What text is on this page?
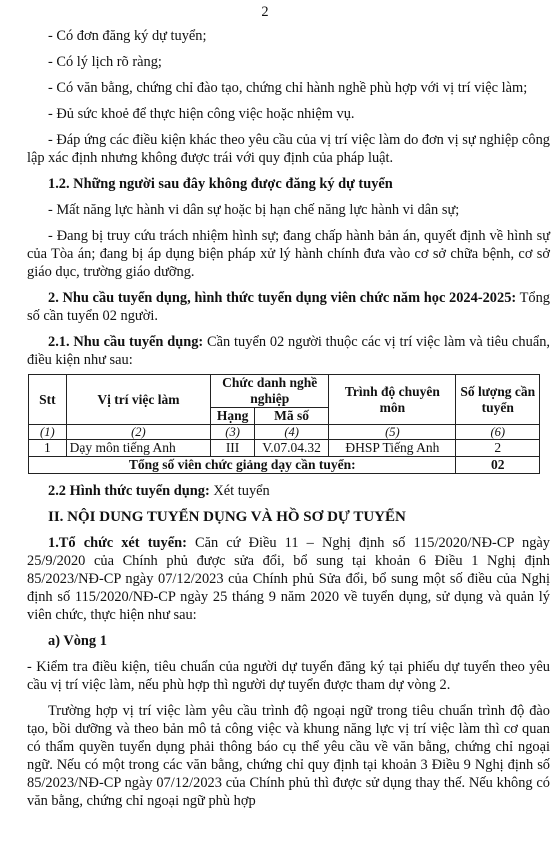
2

- Có đơn đăng ký dự tuyển;

- Có lý lịch rõ ràng;

- Có văn bằng, chứng chỉ đào tạo, chứng chỉ hành nghề phù hợp với vị trí việc làm;

- Đủ sức khoẻ để thực hiện công việc hoặc nhiệm vụ.

- Đáp ứng các điều kiện khác theo yêu cầu của vị trí việc làm do đơn vị sự nghiệp công lập xác định nhưng không được trái với quy định của pháp luật.

1.2. Những người sau đây không được đăng ký dự tuyển

- Mất năng lực hành vi dân sự hoặc bị hạn chế năng lực hành vi dân sự;

- Đang bị truy cứu trách nhiệm hình sự; đang chấp hành bản án, quyết định về hình sự của Tòa án; đang bị áp dụng biện pháp xử lý hành chính đưa vào cơ sở chữa bệnh, cơ sở giáo dục, trường giáo dưỡng.

2. Nhu cầu tuyển dụng, hình thức tuyển dụng viên chức năm học 2024-2025: Tổng số cần tuyển 02 người.

2.1. Nhu cầu tuyển dụng: Cần tuyển 02 người thuộc các vị trí việc làm và tiêu chuẩn, điều kiện như sau:

Stt	Vị trí việc làm	Chức danh nghề nghiệp		Trình độ chuyên môn	Số lượng cần tuyển
		Hạng	Mã số		
(1)	(2)	(3)	(4)	(5)	(6)
1	Dạy môn tiếng Anh	III	V.07.04.32	ĐHSP Tiếng Anh	2
Tổng số viên chức giảng dạy cần tuyển:					02

2.2 Hình thức tuyển dụng: Xét tuyển

II. NỘI DUNG TUYỂN DỤNG VÀ HỒ SƠ DỰ TUYỂN

1.Tổ chức xét tuyển: Căn cứ Điều 11 – Nghị định số 115/2020/NĐ-CP ngày 25/9/2020 của Chính phủ được sửa đổi, bổ sung tại khoản 6 Điều 1 Nghị định 85/2023/NĐ-CP ngày 07/12/2023 của Chính phủ Sửa đổi, bổ sung một số điều của Nghị định số 115/2020/NĐ-CP ngày 25 tháng 9 năm 2020 về tuyển dụng, sử dụng và quản lý viên chức, thực hiện như sau:

a) Vòng 1

- Kiểm tra điều kiện, tiêu chuẩn của người dự tuyển đăng ký tại phiếu dự tuyển theo yêu cầu vị trí việc làm, nếu phù hợp thì người dự tuyển được tham dự vòng 2.

Trường hợp vị trí việc làm yêu cầu trình độ ngoại ngữ trong tiêu chuẩn trình độ đào tạo, bồi dưỡng và theo bản mô tả công việc và khung năng lực vị trí việc làm thì cơ quan có thẩm quyền tuyển dụng phải thông báo cụ thể yêu cầu về văn bằng, chứng chỉ ngoại ngữ. Nếu có một trong các văn bằng, chứng chỉ quy định tại khoản 3 Điều 9 Nghị định số 85/2023/NĐ-CP ngày 07/12/2023 của Chính phủ thì được sử dụng thay thế. Nếu không có văn bằng, chứng chỉ ngoại ngữ phù hợp
